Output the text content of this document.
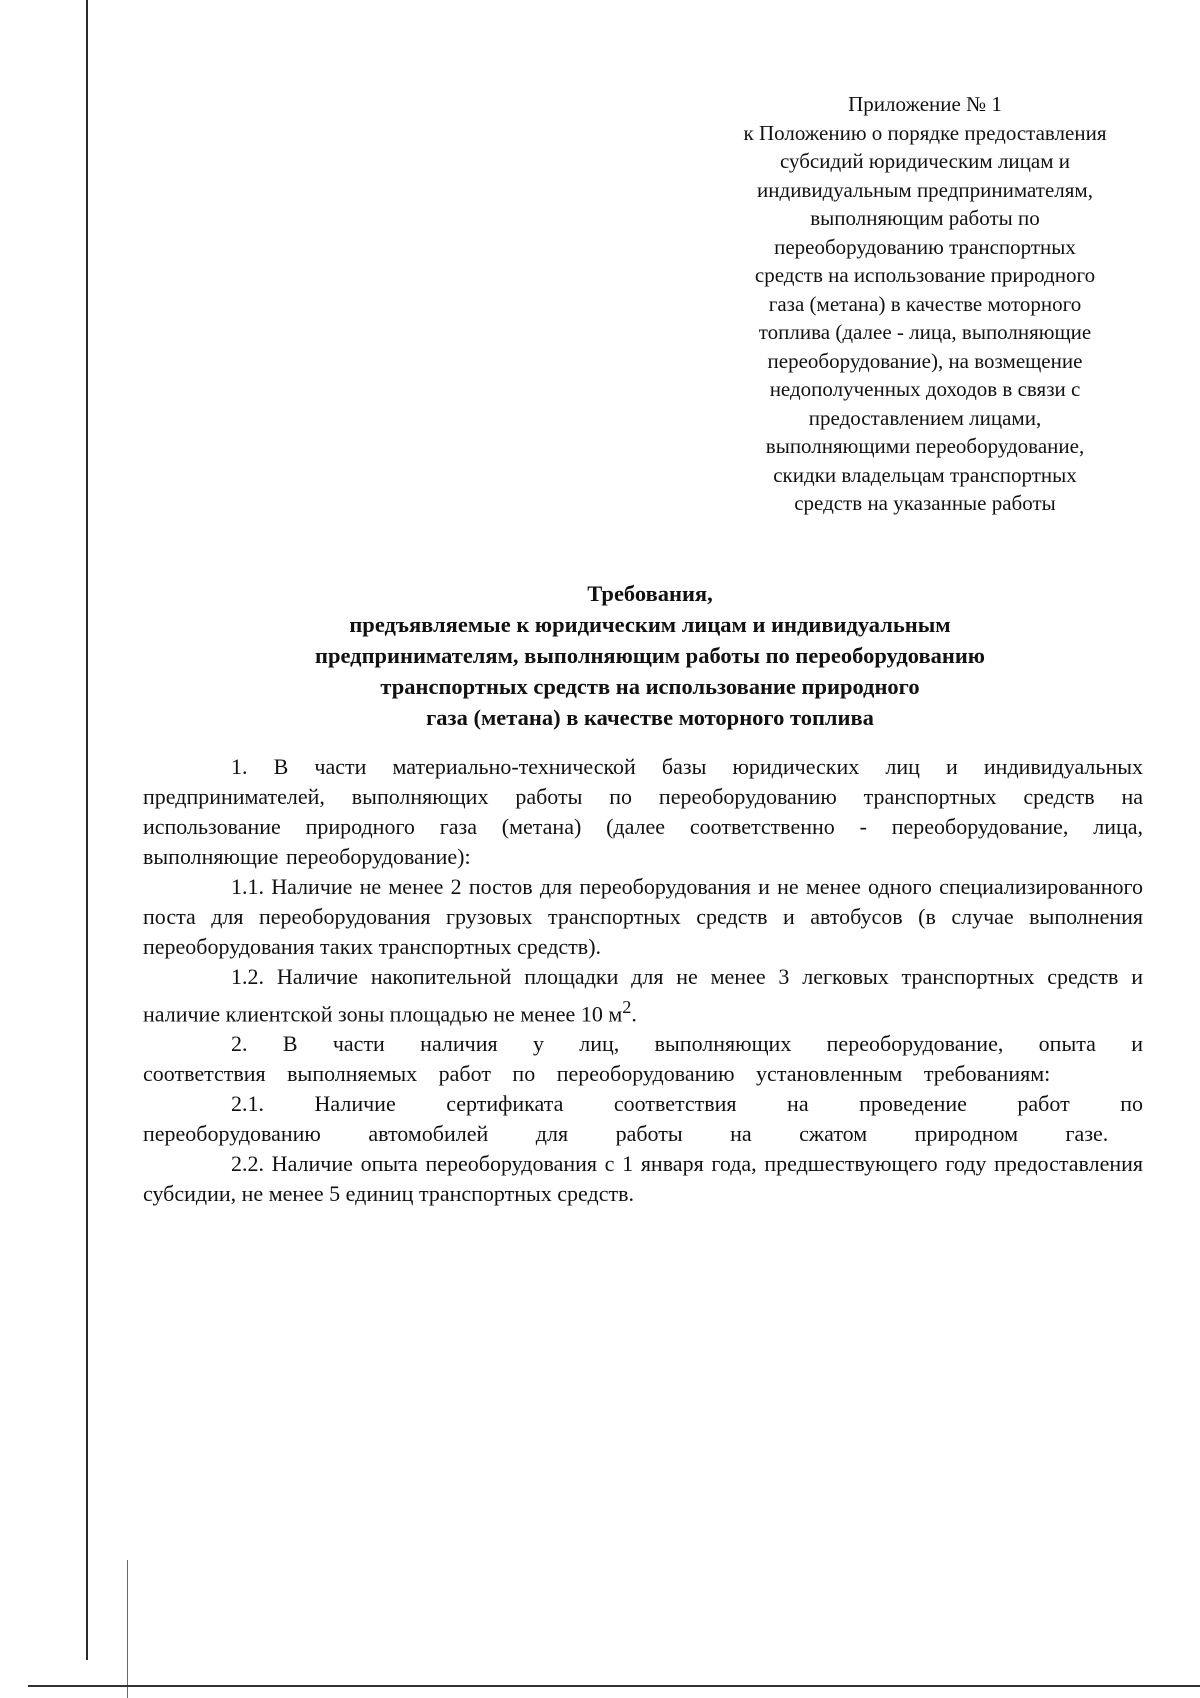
Приложение № 1

к Положению о порядке предоставления

субсидий юридическим лицам и

индивидуальным предпринимателям,

выполняющим работы по

переоборудованию транспортных

средств на использование природного

газа (метана) в качестве моторного

топлива (далее - лица, выполняющие

переоборудование), на возмещение

недополученных доходов в связи с

предоставлением лицами,

выполняющими переоборудование,

скидки владельцам транспортных

средств на указанные работы

Требования,

предъявляемые к юридическим лицам и индивидуальным

предпринимателям, выполняющим работы по переоборудованию

транспортных средств на использование природного

газа (метана) в качестве моторного топлива

1. В части материально-технической базы юридических лиц и индивидуальных предпринимателей, выполняющих работы по переоборудованию транспортных средств на использование природного газа (метана) (далее соответственно - переоборудование, лица, выполняющие переоборудование):

1.1. Наличие не менее 2 постов для переоборудования и не менее одного специализированного поста для переоборудования грузовых транспортных средств и автобусов (в случае выполнения переоборудования таких транспортных средств).

1.2. Наличие накопительной площадки для не менее 3 легковых транспортных средств и наличие клиентской зоны площадью не менее 10 $м^2$.

2. В части наличия у лиц, выполняющих переоборудование, опыта и соответствия выполняемых работ по переоборудованию установленным требованиям:

2.1. Наличие сертификата соответствия на проведение работ по переоборудованию автомобилей для работы на сжатом природном газе.

2.2. Наличие опыта переоборудования с 1 января года, предшествующего году предоставления субсидии, не менее 5 единиц транспортных средств.
